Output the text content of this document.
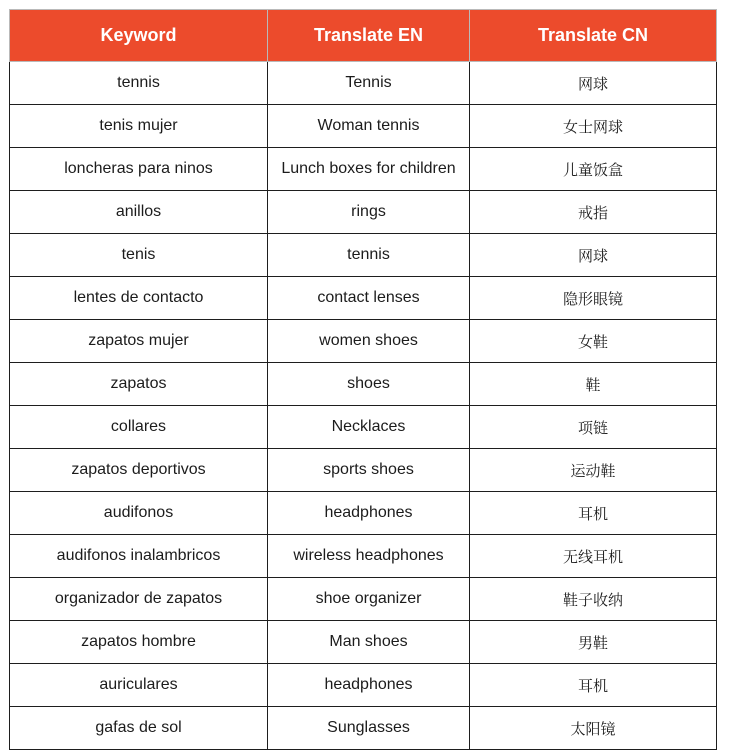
Keyword	Translate EN	Translate CN
tennis	Tennis	网球
tenis mujer	Woman tennis	女士网球
loncheras para ninos	Lunch boxes for children	儿童饭盒
anillos	rings	戒指
tenis	tennis	网球
lentes de contacto	contact lenses	隐形眼镜
zapatos mujer	women shoes	女鞋
zapatos	shoes	鞋
collares	Necklaces	项链
zapatos deportivos	sports shoes	运动鞋
audifonos	headphones	耳机
audifonos inalambricos	wireless headphones	无线耳机
organizador de zapatos	shoe organizer	鞋子收纳
zapatos hombre	Man shoes	男鞋
auriculares	headphones	耳机
gafas de sol	Sunglasses	太阳镜
